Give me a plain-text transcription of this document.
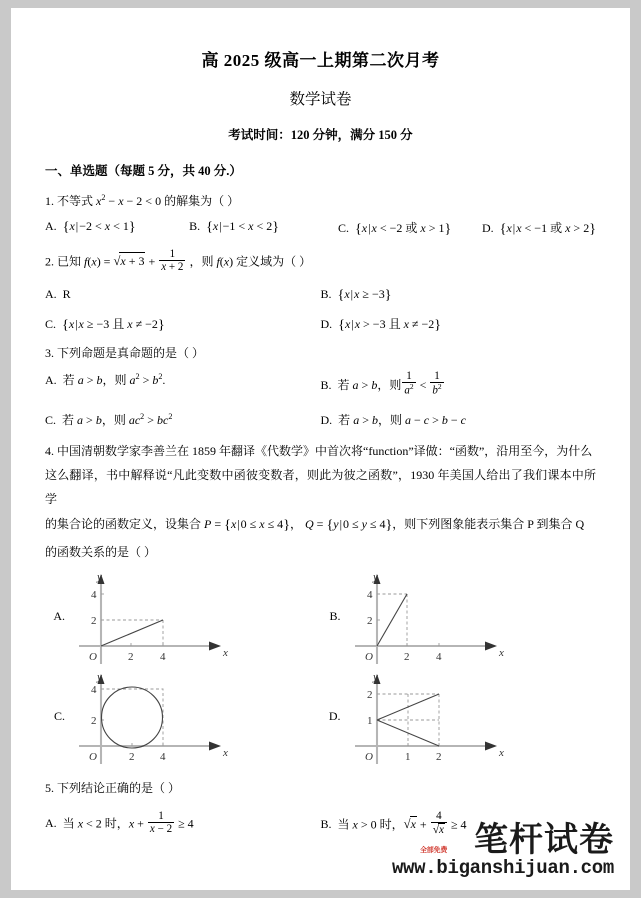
高 2025 级高一上期第二次月考
数学试卷
考试时间：120 分钟，满分 150 分
一、单选题（每题 5 分，共 40 分.）
1. 不等式 $x^2 - x - 2 < 0$ 的解集为（ ）
A. {x|−2 < x < 1}	B. {x|−1 < x < 2}	C. {x|x < −2 或 x > 1}	D. {x|x < −1 或 x > 2}
2. 已知 $f(x) = √x + 3 + \frac{1}{x + 2}$ ，则 f(x) 定义域为（ ）
A. R	B. {x|x ≥ −3}
C. {x|x ≥ −3 且 x ≠ −2}	D. {x|x > −3 且 x ≠ −2}
3. 下列命题是真命题的是（ ）
A. 若 a > b，则 $a^2 > b^2$.	B. 若 a > b，则 $\frac{1}{a^2} < \frac{1}{b^2}$
C. 若 a > b，则 $ac^2 > bc^2$	D. 若 a > b，则 a − c > b − c
4. 中国清朝数学家李善兰在 1859 年翻译《代数学》中首次将“function”译做：“函数”，沿用至今，为什么
这么翻译，书中解释说“凡此变数中函彼变数者，则此为彼之函数”，1930 年美国人给出了我们课本中所学
的集合论的函数定义，设集合 P = {x|0 ≤ x ≤ 4}， Q = {y|0 ≤ y ≤ 4}，则下列图象能表示集合 P 到集合 Q
的函数关系的是（ ）
A.
y
x
O	2 4
2
4
B.
y
x
O	2 4
2
4
C.
y
x
O	2 4
2
4
D.
y
x
O	1 2
1
2
5. 下列结论正确的是（ ）
A. 当 x < 2 时，$x + \frac{1}{x - 2} \ge 4$	B. 当 x > 0 时，$√x + \frac{4}{√x} \ge 4$ 笔杆试卷
www.biganshijuan.com
全部免费
